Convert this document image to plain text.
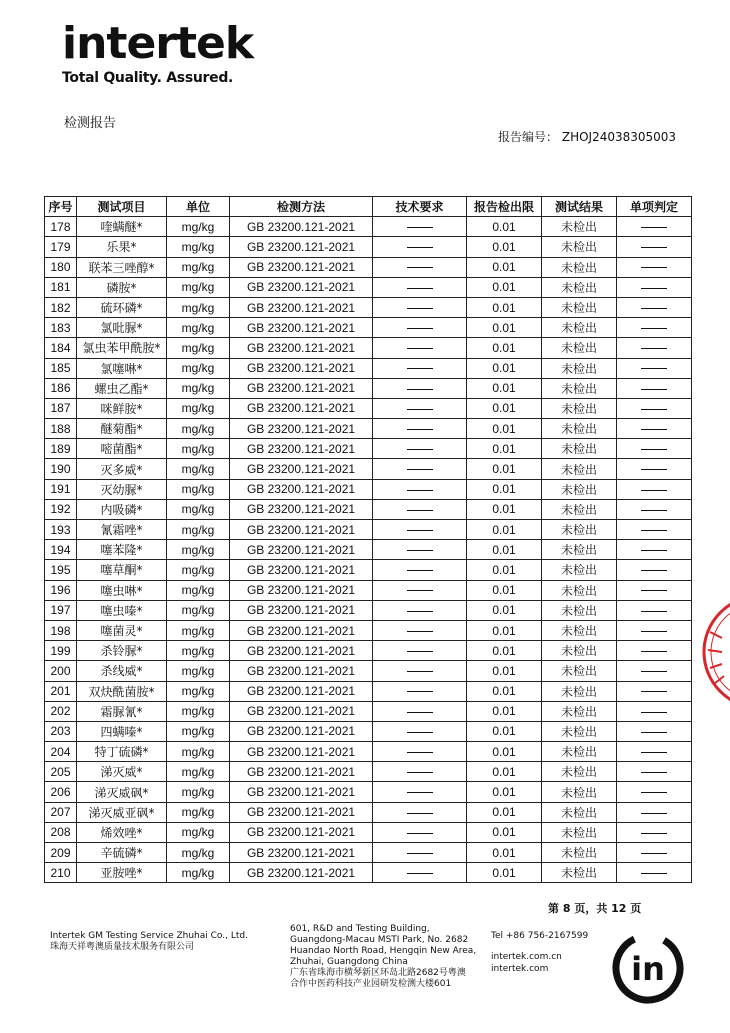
intertek
Total Quality. Assured.
检测报告
报告编号： ZHOJ24038305003
序号	测试项目	单位	检测方法	技术要求	报告检出限	测试结果	单项判定
178	喹螨醚*	mg/kg	GB 23200.121-2021		0.01	未检出	
179	乐果*	mg/kg	GB 23200.121-2021		0.01	未检出	
180	联苯三唑醇*	mg/kg	GB 23200.121-2021		0.01	未检出	
181	磷胺*	mg/kg	GB 23200.121-2021		0.01	未检出	
182	硫环磷*	mg/kg	GB 23200.121-2021		0.01	未检出	
183	氯吡脲*	mg/kg	GB 23200.121-2021		0.01	未检出	
184	氯虫苯甲酰胺*	mg/kg	GB 23200.121-2021		0.01	未检出	
185	氯噻啉*	mg/kg	GB 23200.121-2021		0.01	未检出	
186	螺虫乙酯*	mg/kg	GB 23200.121-2021		0.01	未检出	
187	咪鲜胺*	mg/kg	GB 23200.121-2021		0.01	未检出	
188	醚菊酯*	mg/kg	GB 23200.121-2021		0.01	未检出	
189	嘧菌酯*	mg/kg	GB 23200.121-2021		0.01	未检出	
190	灭多威*	mg/kg	GB 23200.121-2021		0.01	未检出	
191	灭幼脲*	mg/kg	GB 23200.121-2021		0.01	未检出	
192	内吸磷*	mg/kg	GB 23200.121-2021		0.01	未检出	
193	氰霜唑*	mg/kg	GB 23200.121-2021		0.01	未检出	
194	噻苯隆*	mg/kg	GB 23200.121-2021		0.01	未检出	
195	噻草酮*	mg/kg	GB 23200.121-2021		0.01	未检出	
196	噻虫啉*	mg/kg	GB 23200.121-2021		0.01	未检出	
197	噻虫嗪*	mg/kg	GB 23200.121-2021		0.01	未检出	
198	噻菌灵*	mg/kg	GB 23200.121-2021		0.01	未检出	
199	杀铃脲*	mg/kg	GB 23200.121-2021		0.01	未检出	
200	杀线威*	mg/kg	GB 23200.121-2021		0.01	未检出	
201	双炔酰菌胺*	mg/kg	GB 23200.121-2021		0.01	未检出	
202	霜脲氰*	mg/kg	GB 23200.121-2021		0.01	未检出	
203	四螨嗪*	mg/kg	GB 23200.121-2021		0.01	未检出	
204	特丁硫磷*	mg/kg	GB 23200.121-2021		0.01	未检出	
205	涕灭威*	mg/kg	GB 23200.121-2021		0.01	未检出	
206	涕灭威砜*	mg/kg	GB 23200.121-2021		0.01	未检出	
207	涕灭威亚砜*	mg/kg	GB 23200.121-2021		0.01	未检出	
208	烯效唑*	mg/kg	GB 23200.121-2021		0.01	未检出	
209	辛硫磷*	mg/kg	GB 23200.121-2021		0.01	未检出	
210	亚胺唑*	mg/kg	GB 23200.121-2021		0.01	未检出	
第 8 页，共 12 页
Intertek GM Testing Service Zhuhai Co., Ltd.
珠海天祥粤澳质量技术服务有限公司
601, R&D and Testing Building,
Guangdong-Macau MSTI Park, No. 2682
Huandao North Road, Hengqin New Area,
Zhuhai, Guangdong China
广东省珠海市横琴新区环岛北路2682号粤澳
合作中医药科技产业园研发检测大楼601
Tel +86 756-2167599
intertek.com.cn
intertek.com	in
